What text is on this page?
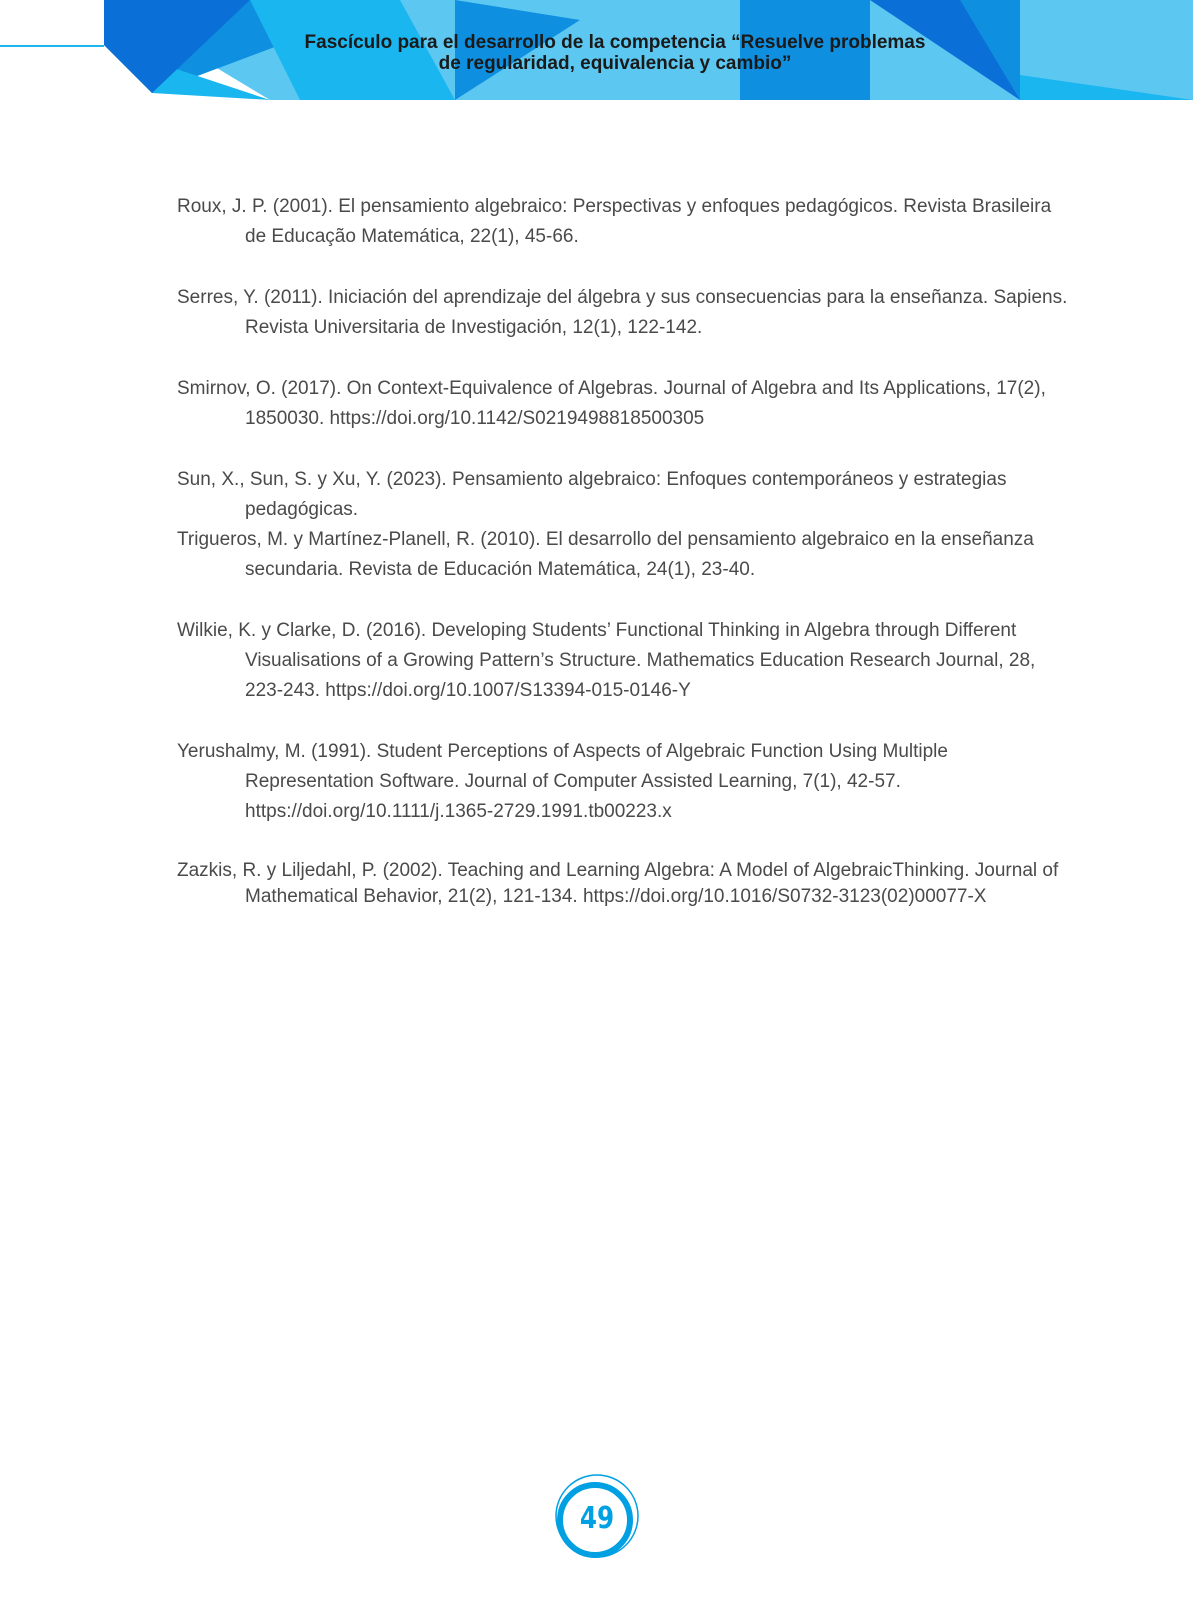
Fascículo para el desarrollo de la competencia “Resuelve problemas
de regularidad, equivalencia y cambio”

Roux, J. P. (2001). El pensamiento algebraico: Perspectivas y enfoques pedagógicos. Revista Brasileira de Educação Matemática, 22(1), 45-66.

Serres, Y. (2011). Iniciación del aprendizaje del álgebra y sus consecuencias para la enseñanza. Sapiens. Revista Universitaria de Investigación, 12(1), 122-142.

Smirnov, O. (2017). On Context-Equivalence of Algebras. Journal of Algebra and Its Applications, 17(2), 1850030. https://doi.org/10.1142/S0219498818500305

Sun, X., Sun, S. y Xu, Y. (2023). Pensamiento algebraico: Enfoques contemporáneos y estrategias pedagógicas.

Trigueros, M. y Martínez-Planell, R. (2010). El desarrollo del pensamiento algebraico en la enseñanza secundaria. Revista de Educación Matemática, 24(1), 23-40.

Wilkie, K. y Clarke, D. (2016). Developing Students’ Functional Thinking in Algebra through Different Visualisations of a Growing Pattern’s Structure. Mathematics Education Research Journal, 28, 223-243. https://doi.org/10.1007/S13394-015-0146-Y

Yerushalmy, M. (1991). Student Perceptions of Aspects of Algebraic Function Using Multiple Representation Software. Journal of Computer Assisted Learning, 7(1), 42-57. https://doi.org/10.1111/j.1365-2729.1991.tb00223.x

Zazkis, R. y Liljedahl, P. (2002). Teaching and Learning Algebra: A Model of AlgebraicThinking. Journal of Mathematical Behavior, 21(2), 121-134. https://doi.org/10.1016/S0732-3123(02)00077-X

49
